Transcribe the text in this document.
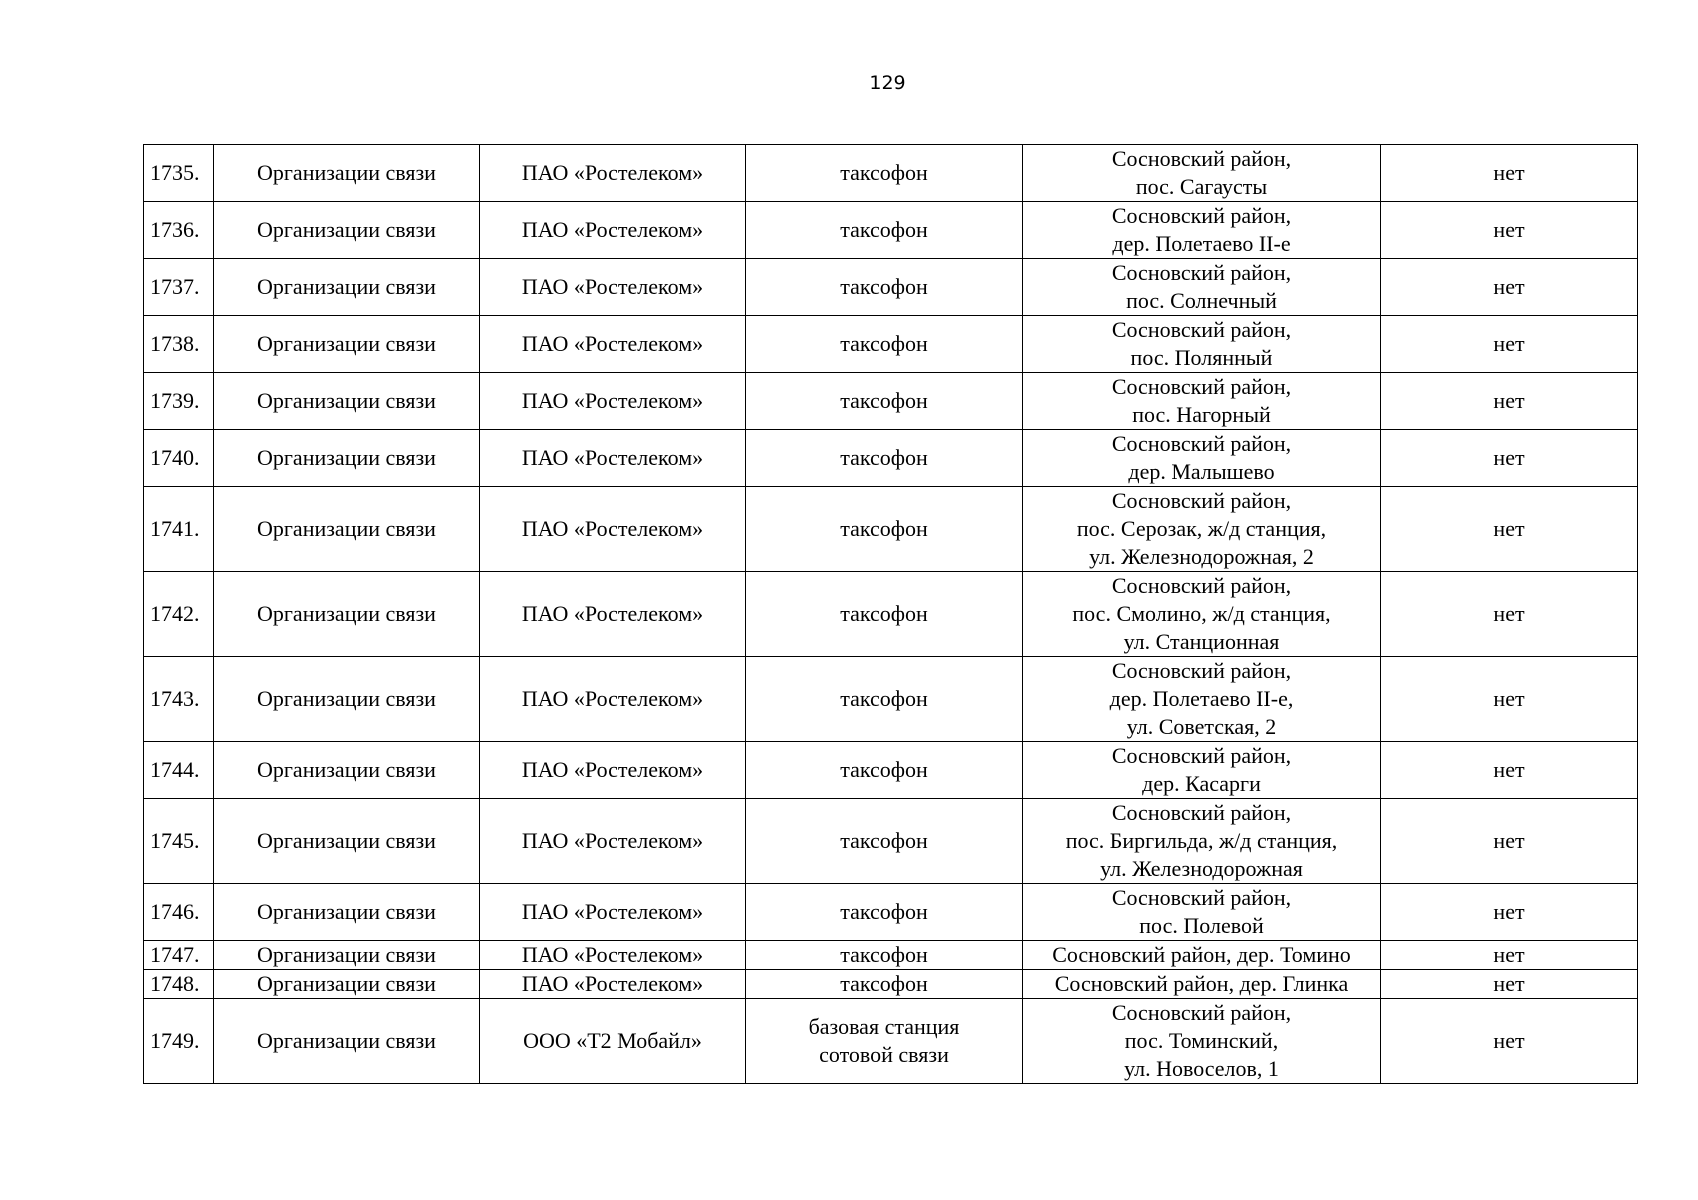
129
1735.	Организации связи	ПАО «Ростелеком»	таксофон	Сосновский район,
пос. Сагаусты	нет
1736.	Организации связи	ПАО «Ростелеком»	таксофон	Сосновский район,
дер. Полетаево II-е	нет
1737.	Организации связи	ПАО «Ростелеком»	таксофон	Сосновский район,
пос. Солнечный	нет
1738.	Организации связи	ПАО «Ростелеком»	таксофон	Сосновский район,
пос. Полянный	нет
1739.	Организации связи	ПАО «Ростелеком»	таксофон	Сосновский район,
пос. Нагорный	нет
1740.	Организации связи	ПАО «Ростелеком»	таксофон	Сосновский район,
дер. Малышево	нет
1741.	Организации связи	ПАО «Ростелеком»	таксофон	Сосновский район,
пос. Серозак, ж/д станция,
ул. Железнодорожная, 2	нет
1742.	Организации связи	ПАО «Ростелеком»	таксофон	Сосновский район,
пос. Смолино, ж/д станция,
ул. Станционная	нет
1743.	Организации связи	ПАО «Ростелеком»	таксофон	Сосновский район,
дер. Полетаево II-е,
ул. Советская, 2	нет
1744.	Организации связи	ПАО «Ростелеком»	таксофон	Сосновский район,
дер. Касарги	нет
1745.	Организации связи	ПАО «Ростелеком»	таксофон	Сосновский район,
пос. Биргильда, ж/д станция,
ул. Железнодорожная	нет
1746.	Организации связи	ПАО «Ростелеком»	таксофон	Сосновский район,
пос. Полевой	нет
1747.	Организации связи	ПАО «Ростелеком»	таксофон	Сосновский район, дер. Томино	нет
1748.	Организации связи	ПАО «Ростелеком»	таксофон	Сосновский район, дер. Глинка	нет
1749.	Организации связи	ООО «Т2 Мобайл»	базовая станция
сотовой связи	Сосновский район,
пос. Томинский,
ул. Новоселов, 1	нет
